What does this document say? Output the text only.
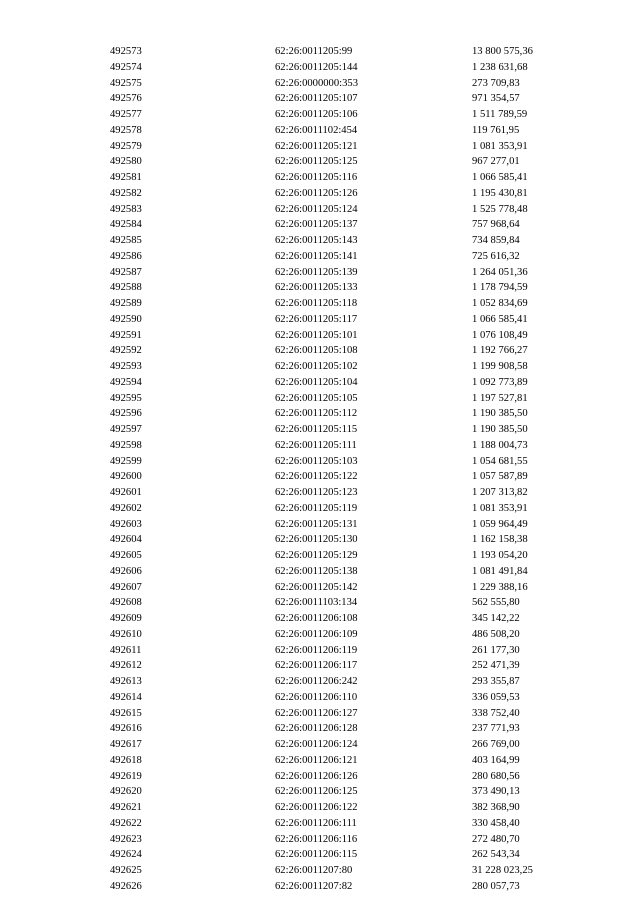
492573	62:26:0011205:99	13 800 575,36
492574	62:26:0011205:144	1 238 631,68
492575	62:26:0000000:353	273 709,83
492576	62:26:0011205:107	971 354,57
492577	62:26:0011205:106	1 511 789,59
492578	62:26:0011102:454	119 761,95
492579	62:26:0011205:121	1 081 353,91
492580	62:26:0011205:125	967 277,01
492581	62:26:0011205:116	1 066 585,41
492582	62:26:0011205:126	1 195 430,81
492583	62:26:0011205:124	1 525 778,48
492584	62:26:0011205:137	757 968,64
492585	62:26:0011205:143	734 859,84
492586	62:26:0011205:141	725 616,32
492587	62:26:0011205:139	1 264 051,36
492588	62:26:0011205:133	1 178 794,59
492589	62:26:0011205:118	1 052 834,69
492590	62:26:0011205:117	1 066 585,41
492591	62:26:0011205:101	1 076 108,49
492592	62:26:0011205:108	1 192 766,27
492593	62:26:0011205:102	1 199 908,58
492594	62:26:0011205:104	1 092 773,89
492595	62:26:0011205:105	1 197 527,81
492596	62:26:0011205:112	1 190 385,50
492597	62:26:0011205:115	1 190 385,50
492598	62:26:0011205:111	1 188 004,73
492599	62:26:0011205:103	1 054 681,55
492600	62:26:0011205:122	1 057 587,89
492601	62:26:0011205:123	1 207 313,82
492602	62:26:0011205:119	1 081 353,91
492603	62:26:0011205:131	1 059 964,49
492604	62:26:0011205:130	1 162 158,38
492605	62:26:0011205:129	1 193 054,20
492606	62:26:0011205:138	1 081 491,84
492607	62:26:0011205:142	1 229 388,16
492608	62:26:0011103:134	562 555,80
492609	62:26:0011206:108	345 142,22
492610	62:26:0011206:109	486 508,20
492611	62:26:0011206:119	261 177,30
492612	62:26:0011206:117	252 471,39
492613	62:26:0011206:242	293 355,87
492614	62:26:0011206:110	336 059,53
492615	62:26:0011206:127	338 752,40
492616	62:26:0011206:128	237 771,93
492617	62:26:0011206:124	266 769,00
492618	62:26:0011206:121	403 164,99
492619	62:26:0011206:126	280 680,56
492620	62:26:0011206:125	373 490,13
492621	62:26:0011206:122	382 368,90
492622	62:26:0011206:111	330 458,40
492623	62:26:0011206:116	272 480,70
492624	62:26:0011206:115	262 543,34
492625	62:26:0011207:80	31 228 023,25
492626	62:26:0011207:82	280 057,73
